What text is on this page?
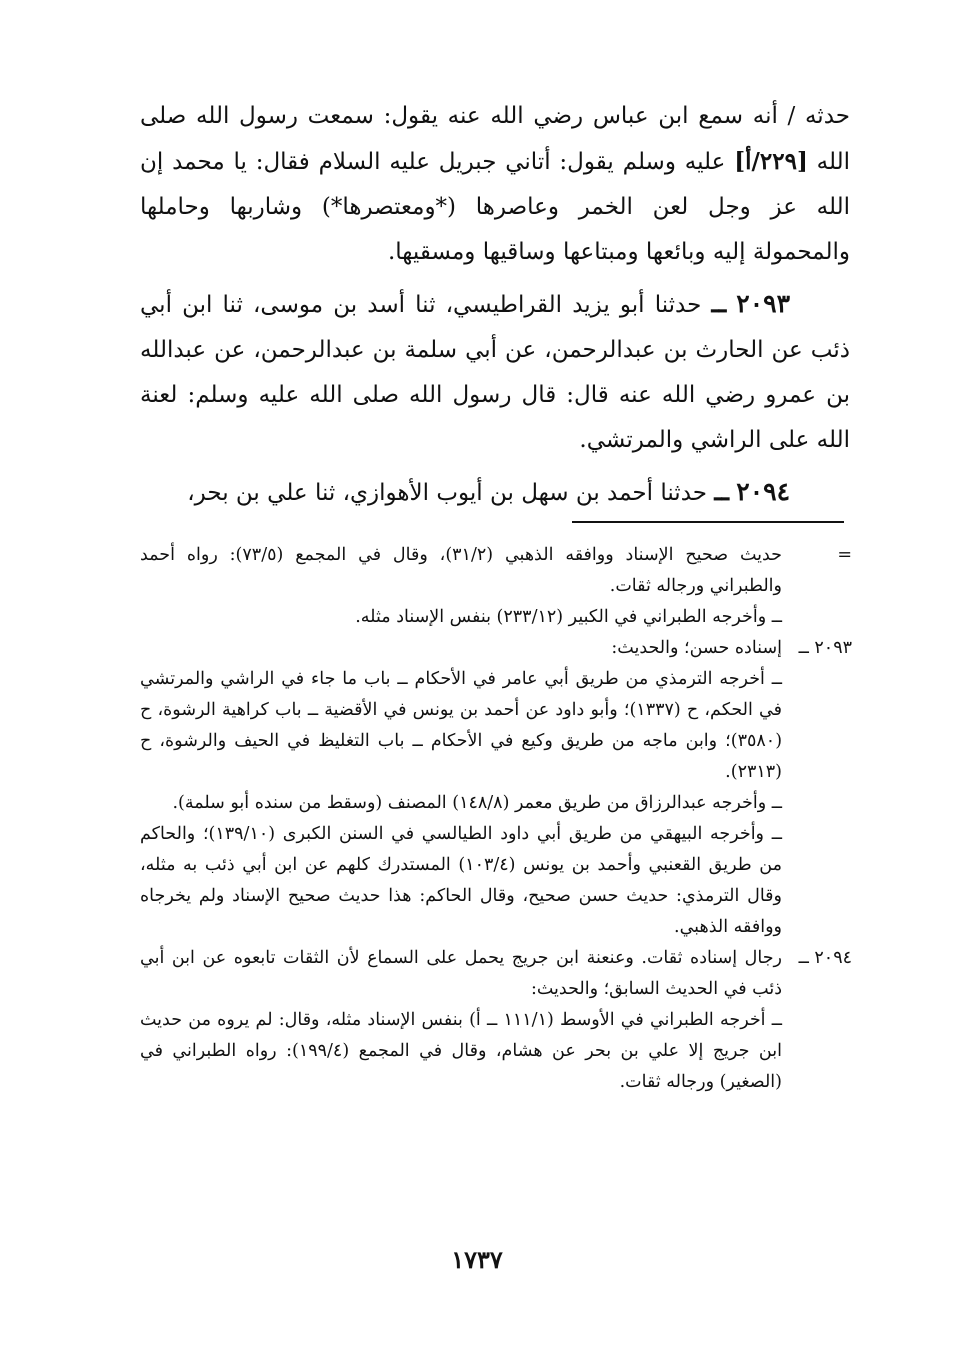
حدثه / أنه سمع ابن عباس رضي الله عنه يقول: سمعت رسول الله صلى الله [٢٢٩/أ] عليه وسلم يقول: أتاني جبريل عليه السلام فقال: يا محمد إن الله عز وجل لعن الخمر وعاصرها (*ومعتصرها*) وشاربها وحاملها والمحمولة إليه وبائعها ومبتاعها وساقيها ومسقيها.

٢٠٩٣ ــ حدثنا أبو يزيد القراطيسي، ثنا أسد بن موسى، ثنا ابن أبي ذئب عن الحارث بن عبدالرحمن، عن أبي سلمة بن عبدالرحمن، عن عبدالله بن عمرو رضي الله عنه قال: قال رسول الله صلى الله عليه وسلم: لعنة الله على الراشي والمرتشي.

٢٠٩٤ ــ حدثنا أحمد بن سهل بن أيوب الأهوازي، ثنا علي بن بحر،

=
حديث صحيح الإسناد ووافقه الذهبي (٣١/٢)، وقال في المجمع (٧٣/٥): رواه أحمد والطبراني ورجاله ثقات.
ــ وأخرجه الطبراني في الكبير (٢٣٣/١٢) بنفس الإسناد مثله.
٢٠٩٣ ــ
إسناده حسن؛ والحديث:
ــ أخرجه الترمذي من طريق أبي عامر في الأحكام ــ باب ما جاء في الراشي والمرتشي في الحكم، ح (١٣٣٧)؛ وأبو داود عن أحمد بن يونس في الأقضية ــ باب كراهية الرشوة، ح (٣٥٨٠)؛ وابن ماجه من طريق وكيع في الأحكام ــ باب التغليظ في الحيف والرشوة، ح (٢٣١٣).
ــ وأخرجه عبدالرزاق من طريق معمر (١٤٨/٨) المصنف (وسقط من سنده أبو سلمة).
ــ وأخرجه البيهقي من طريق أبي داود الطيالسي في السنن الكبرى (١٣٩/١٠)؛ والحاكم من طريق القعنبي وأحمد بن يونس (١٠٣/٤) المستدرك كلهم عن ابن أبي ذئب به مثله، وقال الترمذي: حديث حسن صحيح، وقال الحاكم: هذا حديث صحيح الإسناد ولم يخرجاه ووافقه الذهبي.
٢٠٩٤ ــ
رجال إسناده ثقات. وعنعنة ابن جريج يحمل على السماع لأن الثقات تابعوه عن ابن أبي ذئب في الحديث السابق؛ والحديث:
ــ أخرجه الطبراني في الأوسط (١١١/١ ــ أ) بنفس الإسناد مثله، وقال: لم يروه من حديث ابن جريج إلا علي بن بحر عن هشام، وقال في المجمع (١٩٩/٤): رواه الطبراني في (الصغير) ورجاله ثقات.
١٧٣٧
